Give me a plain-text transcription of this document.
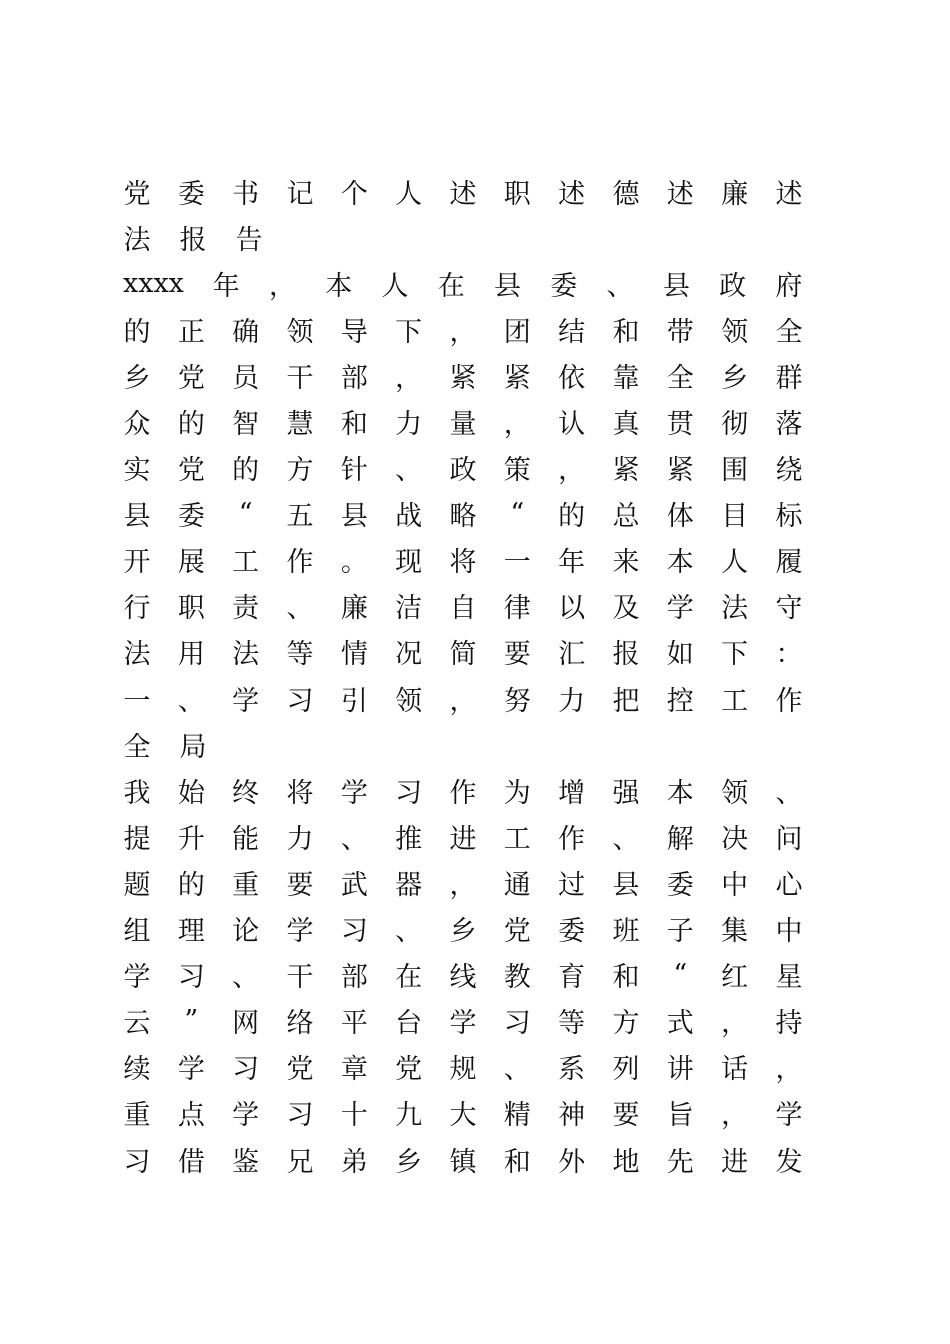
党 委 书 记 个 人 述 职 述 德 述 廉 述
法 报 告
xxxx 年 ， 本 人 在 县 委 、 县 政 府
的 正 确 领 导 下 ， 团 结 和 带 领 全
乡 党 员 干 部 ， 紧 紧 依 靠 全 乡 群
众 的 智 慧 和 力 量 ， 认 真 贯 彻 落
实 党 的 方 针 、 政 策 ， 紧 紧 围 绕
县 委 “ 五 县 战 略 “ 的 总 体 目 标
开 展 工 作 。 现 将 一 年 来 本 人 履
行 职 责 、 廉 洁 自 律 以 及 学 法 守
法 用 法 等 情 况 简 要 汇 报 如 下 ：
一 、 学 习 引 领 ， 努 力 把 控 工 作
全 局
我 始 终 将 学 习 作 为 增 强 本 领 、
提 升 能 力 、 推 进 工 作 、 解 决 问
题 的 重 要 武 器 ， 通 过 县 委 中 心
组 理 论 学 习 、 乡 党 委 班 子 集 中
学 习 、 干 部 在 线 教 育 和 “ 红 星
云 ” 网 络 平 台 学 习 等 方 式 ， 持
续 学 习 党 章 党 规 、 系 列 讲 话 ，
重 点 学 习 十 九 大 精 神 要 旨 ， 学
习 借 鉴 兄 弟 乡 镇 和 外 地 先 进 发
